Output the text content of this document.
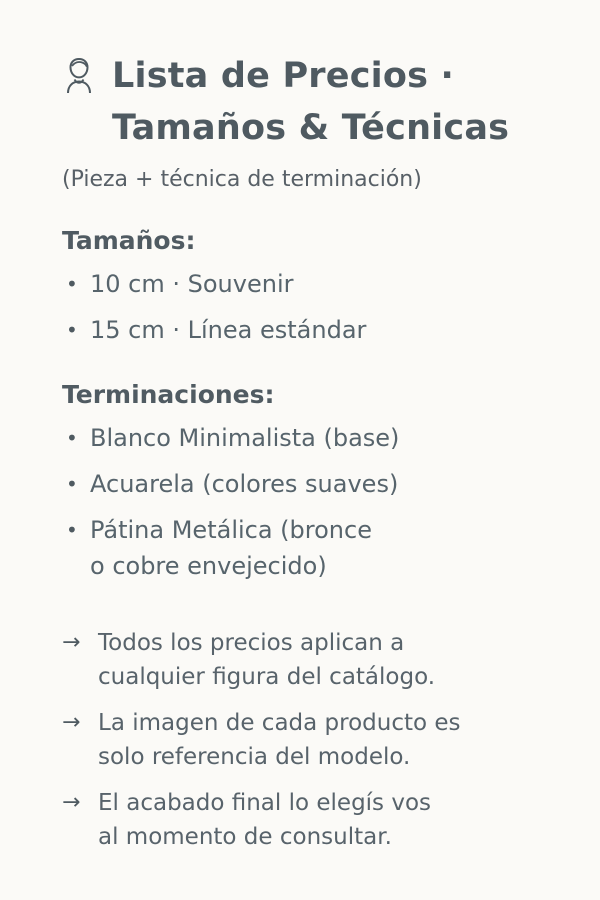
Lista de Precios · Tamaños & Técnicas

(Pieza + técnica de terminación)

Tamaños:
• 10 cm · Souvenir
• 15 cm · Línea estándar
Terminaciones:
• Blanco Minimalista (base)
• Acuarela (colores suaves)
• Pátina Metálica (bronce
o cobre envejecido)
→ Todos los precios aplican a
cualquier figura del catálogo.
→ La imagen de cada producto es
solo referencia del modelo.
→ El acabado final lo elegís vos
al momento de consultar.
